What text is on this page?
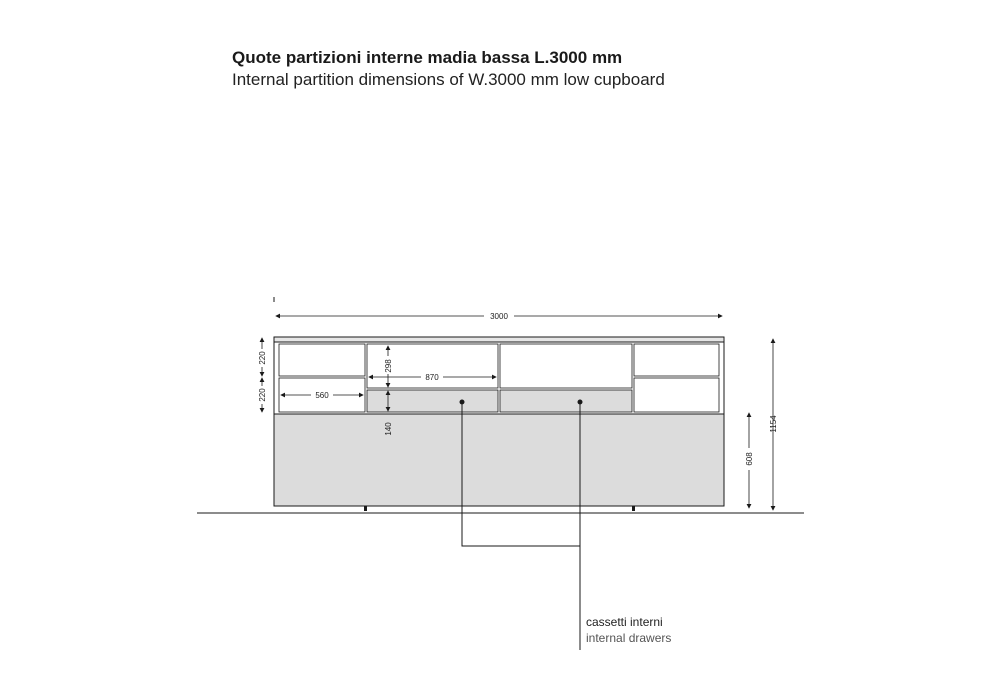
Quote partizioni interne madia bassa L.3000 mm

Internal partition dimensions of W.3000 mm low cupboard

3000
1154
608
220
220	560
870
298
140
cassetti interni
internal drawers
